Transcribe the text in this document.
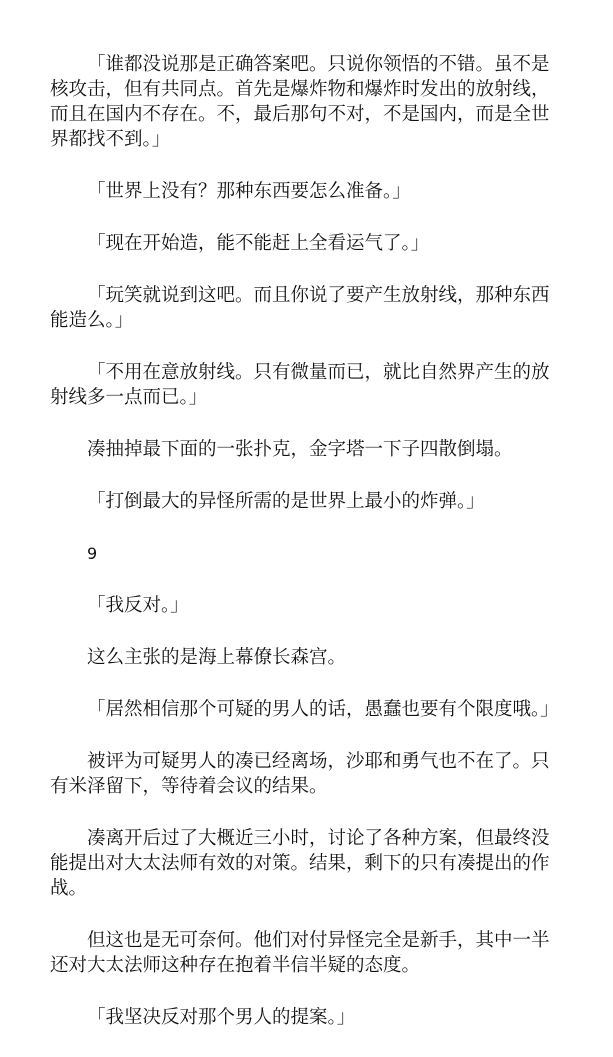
「谁都没说那是正确答案吧。只说你领悟的不错。虽不是核攻击，但有共同点。首先是爆炸物和爆炸时发出的放射线，而且在国内不存在。不，最后那句不对，不是国内，而是全世界都找不到。」

「世界上没有？那种东西要怎么准备。」

「现在开始造，能不能赶上全看运气了。」

「玩笑就说到这吧。而且你说了要产生放射线，那种东西能造么。」

「不用在意放射线。只有微量而已，就比自然界产生的放射线多一点而已。」

凑抽掉最下面的一张扑克，金字塔一下子四散倒塌。

「打倒最大的异怪所需的是世界上最小的炸弹。」

9

「我反对。」

这么主张的是海上幕僚长森宫。

「居然相信那个可疑的男人的话，愚蠢也要有个限度哦。」

被评为可疑男人的凑已经离场，沙耶和勇气也不在了。只有米泽留下，等待着会议的结果。

凑离开后过了大概近三小时，讨论了各种方案，但最终没能提出对大太法师有效的对策。结果，剩下的只有凑提出的作战。

但这也是无可奈何。他们对付异怪完全是新手，其中一半还对大太法师这种存在抱着半信半疑的态度。

「我坚决反对那个男人的提案。」
